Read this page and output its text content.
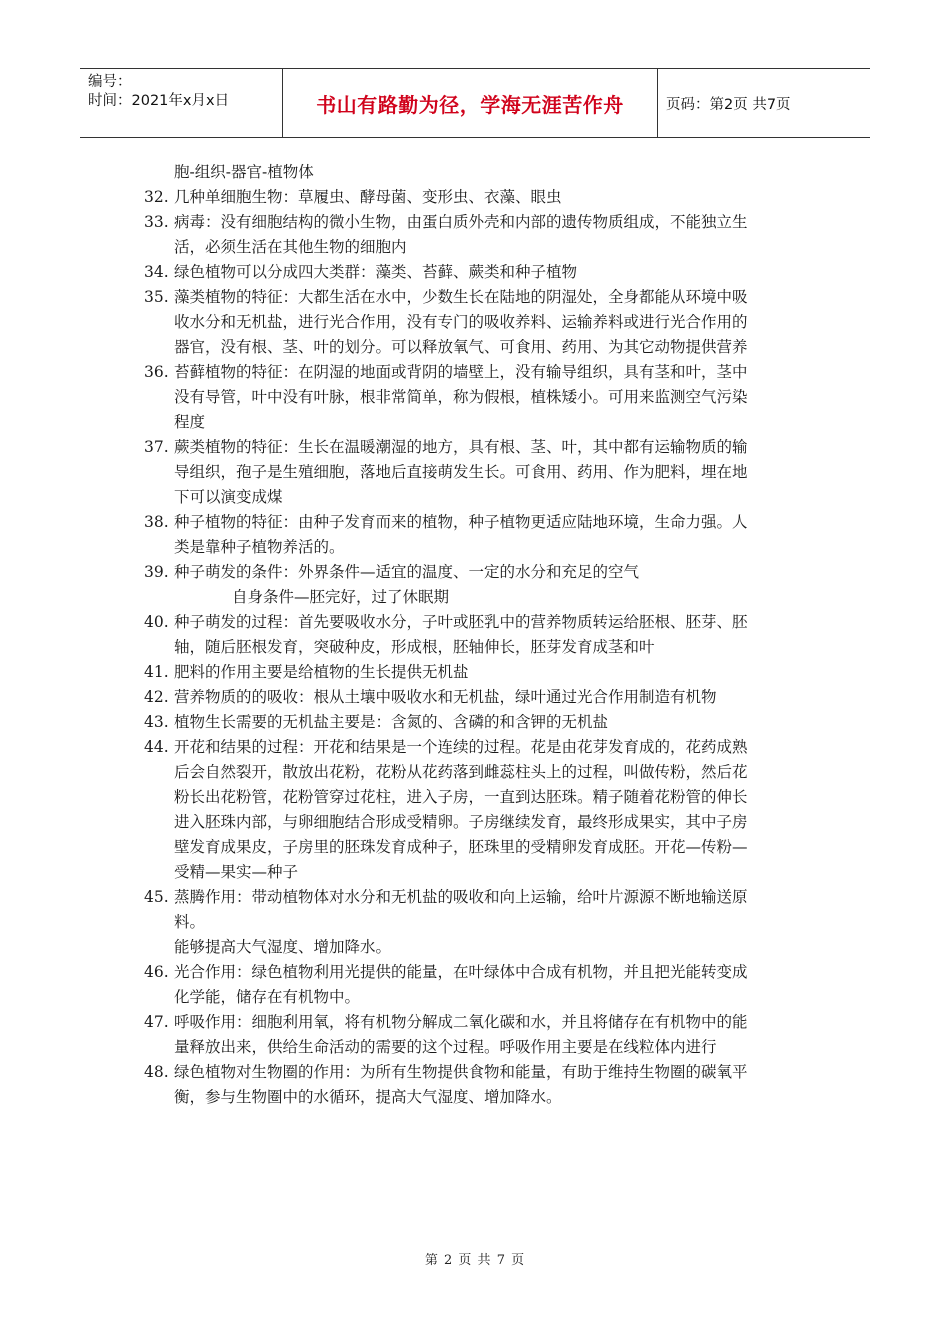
编号：
时间：2021年x月x日	书山有路勤为径，学海无涯苦作舟	页码：第2页 共7页
胞-组织-器官-植物体
32. 几种单细胞生物：草履虫、酵母菌、变形虫、衣藻、眼虫
33. 病毒：没有细胞结构的微小生物，由蛋白质外壳和内部的遗传物质组成，不能独立生
活，必须生活在其他生物的细胞内
34. 绿色植物可以分成四大类群：藻类、苔藓、蕨类和种子植物
35. 藻类植物的特征：大都生活在水中，少数生长在陆地的阴湿处，全身都能从环境中吸
收水分和无机盐，进行光合作用，没有专门的吸收养料、运输养料或进行光合作用的
器官，没有根、茎、叶的划分。可以释放氧气、可食用、药用、为其它动物提供营养
36. 苔藓植物的特征：在阴湿的地面或背阴的墙壁上，没有输导组织，具有茎和叶，茎中
没有导管，叶中没有叶脉，根非常简单，称为假根，植株矮小。可用来监测空气污染
程度
37. 蕨类植物的特征：生长在温暖潮湿的地方，具有根、茎、叶，其中都有运输物质的输
导组织，孢子是生殖细胞，落地后直接萌发生长。可食用、药用、作为肥料，埋在地
下可以演变成煤
38. 种子植物的特征：由种子发育而来的植物，种子植物更适应陆地环境，生命力强。人
类是靠种子植物养活的。
39. 种子萌发的条件：外界条件—适宜的温度、一定的水分和充足的空气
自身条件—胚完好，过了休眠期
40. 种子萌发的过程：首先要吸收水分，子叶或胚乳中的营养物质转运给胚根、胚芽、胚
轴，随后胚根发育，突破种皮，形成根，胚轴伸长，胚芽发育成茎和叶
41. 肥料的作用主要是给植物的生长提供无机盐
42. 营养物质的的吸收：根从土壤中吸收水和无机盐，绿叶通过光合作用制造有机物
43. 植物生长需要的无机盐主要是：含氮的、含磷的和含钾的无机盐
44. 开花和结果的过程：开花和结果是一个连续的过程。花是由花芽发育成的，花药成熟
后会自然裂开，散放出花粉，花粉从花药落到雌蕊柱头上的过程，叫做传粉，然后花
粉长出花粉管，花粉管穿过花柱，进入子房，一直到达胚珠。精子随着花粉管的伸长
进入胚珠内部，与卵细胞结合形成受精卵。子房继续发育，最终形成果实，其中子房
壁发育成果皮，子房里的胚珠发育成种子，胚珠里的受精卵发育成胚。开花—传粉—
受精—果实—种子
45. 蒸腾作用：带动植物体对水分和无机盐的吸收和向上运输，给叶片源源不断地输送原
料。
能够提高大气湿度、增加降水。
46. 光合作用：绿色植物利用光提供的能量，在叶绿体中合成有机物，并且把光能转变成
化学能，储存在有机物中。
47. 呼吸作用：细胞利用氧，将有机物分解成二氧化碳和水，并且将储存在有机物中的能
量释放出来，供给生命活动的需要的这个过程。呼吸作用主要是在线粒体内进行
48. 绿色植物对生物圈的作用：为所有生物提供食物和能量，有助于维持生物圈的碳氧平
衡，参与生物圈中的水循环，提高大气湿度、增加降水。
第 2 页 共 7 页
